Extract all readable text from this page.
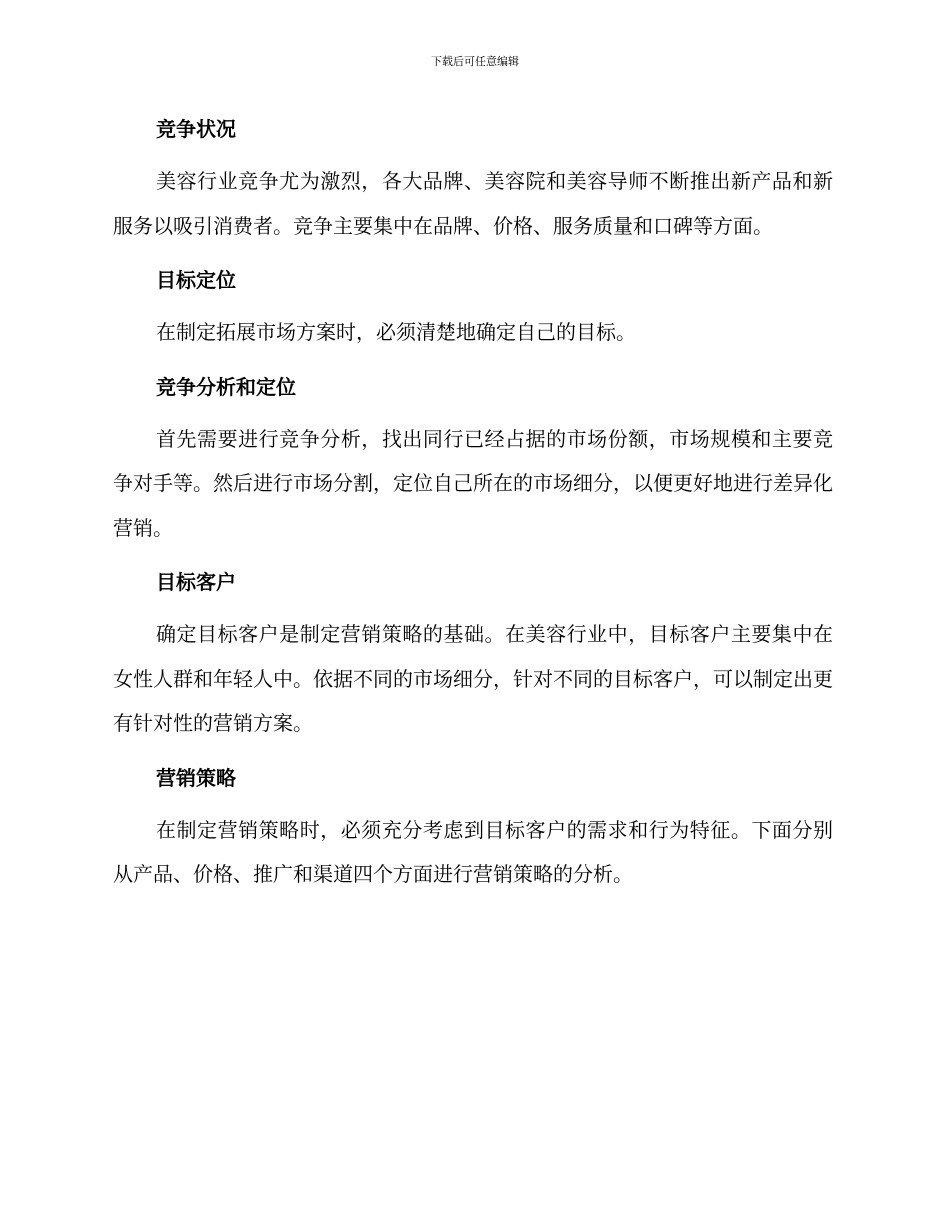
下载后可任意编辑
竞争状况

美容行业竞争尤为激烈，各大品牌、美容院和美容导师不断推出新产品和新服务以吸引消费者。竞争主要集中在品牌、价格、服务质量和口碑等方面。

目标定位

在制定拓展市场方案时，必须清楚地确定自己的目标。

竞争分析和定位

首先需要进行竞争分析，找出同行已经占据的市场份额，市场规模和主要竞争对手等。然后进行市场分割，定位自己所在的市场细分，以便更好地进行差异化营销。

目标客户

确定目标客户是制定营销策略的基础。在美容行业中，目标客户主要集中在女性人群和年轻人中。依据不同的市场细分，针对不同的目标客户，可以制定出更有针对性的营销方案。

营销策略

在制定营销策略时，必须充分考虑到目标客户的需求和行为特征。下面分别从产品、价格、推广和渠道四个方面进行营销策略的分析。
